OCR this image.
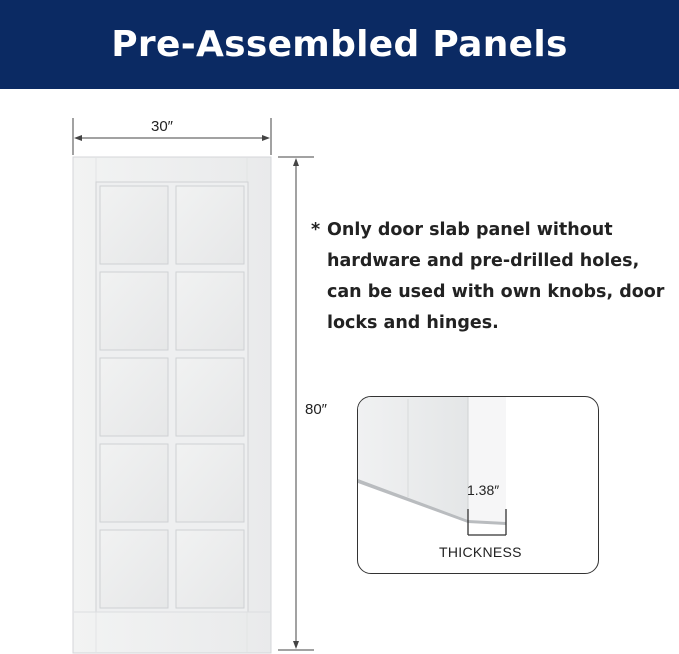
Pre-Assembled Panels
30″
80″
* Only door slab panel without hardware and pre-drilled holes, can be used with own knobs, door locks and hinges.
1.38″
THICKNESS
